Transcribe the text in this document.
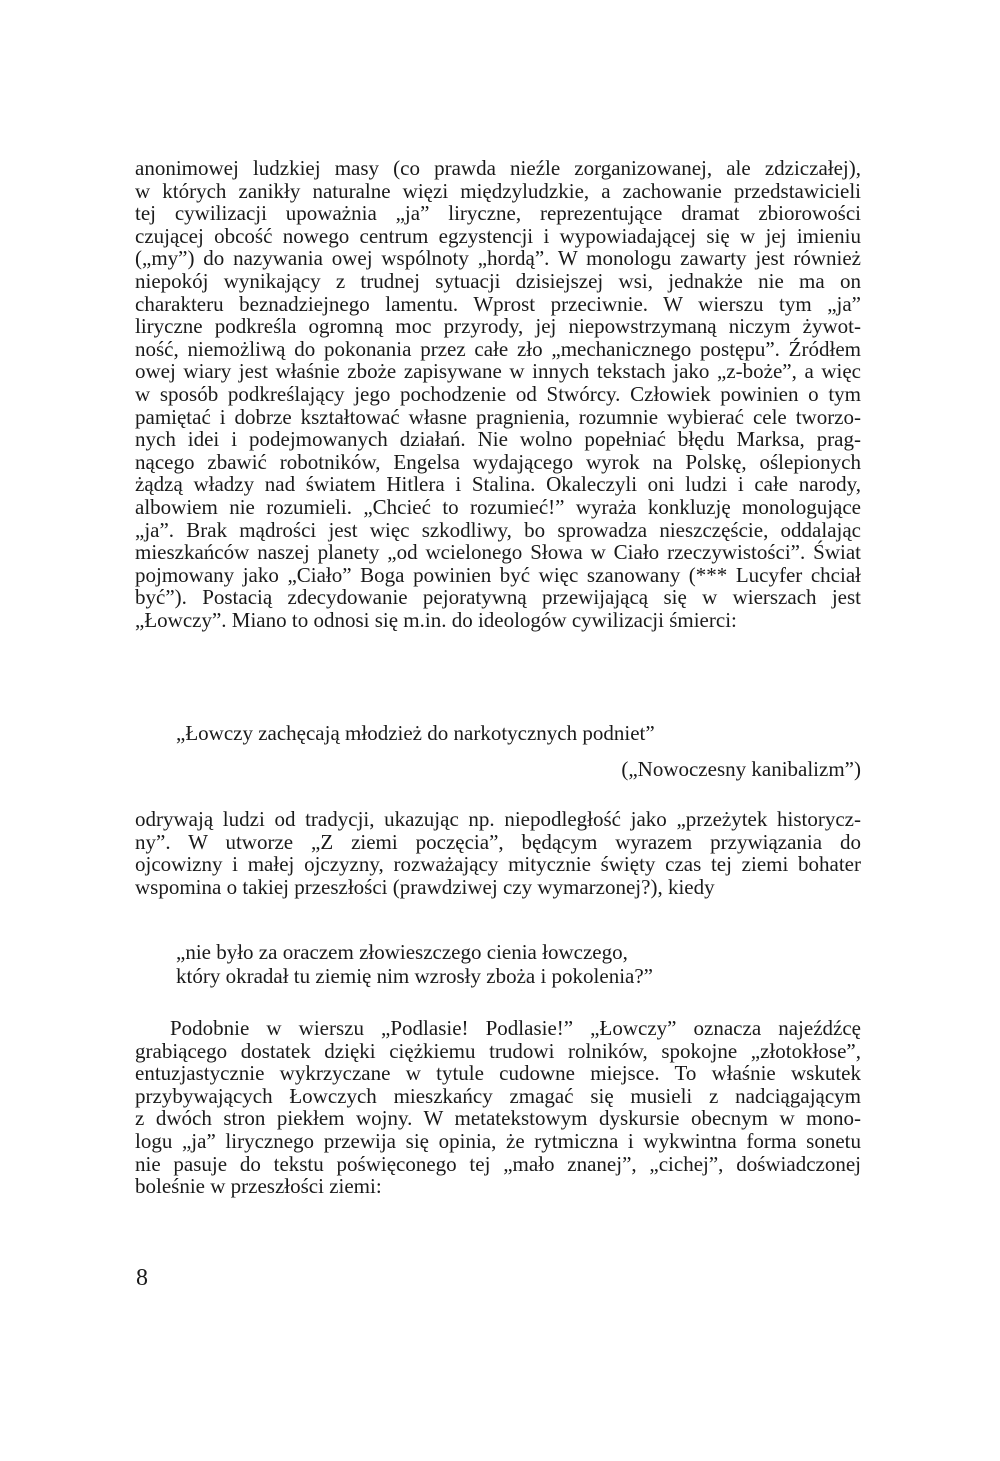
anonimowej ludzkiej masy (co prawda nieźle zorganizowanej, ale zdziczałej),
w których zanikły naturalne więzi międzyludzkie, a zachowanie przedstawicieli
tej cywilizacji upoważnia „ja” liryczne, reprezentujące dramat zbiorowości
czującej obcość nowego centrum egzystencji i wypowiadającej się w jej imieniu
(„my”) do nazywania owej wspólnoty „hordą”. W monologu zawarty jest również
niepokój wynikający z trudnej sytuacji dzisiejszej wsi, jednakże nie ma on
charakteru beznadziejnego lamentu. Wprost przeciwnie. W wierszu tym „ja”
liryczne podkreśla ogromną moc przyrody, jej niepowstrzymaną niczym żywot-
ność, niemożliwą do pokonania przez całe zło „mechanicznego postępu”. Źródłem
owej wiary jest właśnie zboże zapisywane w innych tekstach jako „z-boże”, a więc
w sposób podkreślający jego pochodzenie od Stwórcy. Człowiek powinien o tym
pamiętać i dobrze kształtować własne pragnienia, rozumnie wybierać cele tworzo-
nych idei i podejmowanych działań. Nie wolno popełniać błędu Marksa, prag-
nącego zbawić robotników, Engelsa wydającego wyrok na Polskę, oślepionych
żądzą władzy nad światem Hitlera i Stalina. Okaleczyli oni ludzi i całe narody,
albowiem nie rozumieli. „Chcieć to rozumieć!” wyraża konkluzję monologujące
„ja”. Brak mądrości jest więc szkodliwy, bo sprowadza nieszczęście, oddalając
mieszkańców naszej planety „od wcielonego Słowa w Ciało rzeczywistości”. Świat
pojmowany jako „Ciało” Boga powinien być więc szanowany (*** Lucyfer chciał
być”). Postacią zdecydowanie pejoratywną przewijającą się w wierszach jest
„Łowczy”. Miano to odnosi się m.in. do ideologów cywilizacji śmierci:
„Łowczy zachęcają młodzież do narkotycznych podniet”
(„Nowoczesny kanibalizm”)
odrywają ludzi od tradycji, ukazując np. niepodległość jako „przeżytek historycz-
ny”. W utworze „Z ziemi poczęcia”, będącym wyrazem przywiązania do
ojcowizny i małej ojczyzny, rozważający mitycznie święty czas tej ziemi bohater
wspomina o takiej przeszłości (prawdziwej czy wymarzonej?), kiedy
„nie było za oraczem złowieszczego cienia łowczego,
który okradał tu ziemię nim wzrosły zboża i pokolenia?”
Podobnie w wierszu „Podlasie! Podlasie!” „Łowczy” oznacza najeźdźcę
grabiącego dostatek dzięki ciężkiemu trudowi rolników, spokojne „złotokłose”,
entuzjastycznie wykrzyczane w tytule cudowne miejsce. To właśnie wskutek
przybywających Łowczych mieszkańcy zmagać się musieli z nadciągającym
z dwóch stron piekłem wojny. W metatekstowym dyskursie obecnym w mono-
logu „ja” lirycznego przewija się opinia, że rytmiczna i wykwintna forma sonetu
nie pasuje do tekstu poświęconego tej „mało znanej”, „cichej”, doświadczonej
boleśnie w przeszłości ziemi:
8
